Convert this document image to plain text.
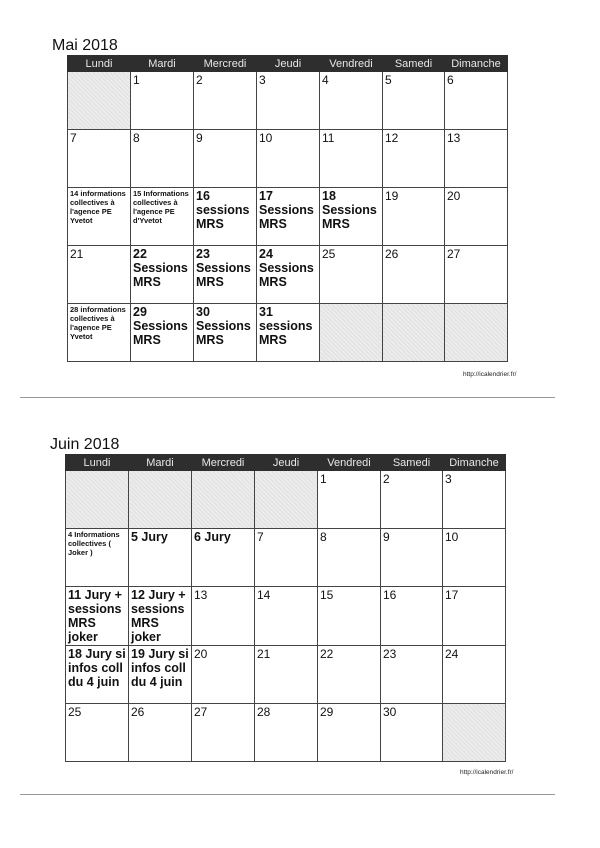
Mai 2018
Lundi	Mardi	Mercredi	Jeudi	Vendredi	Samedi	Dimanche

	1	2	3	4	5	6

7	8	9	10	11	12	13

14 informations
collectives à
l'agence PE
Yvetot	15 Informations
collectives à
l'agence PE
d'Yvetot	16
sessions
MRS	17
Sessions
MRS	18
Sessions
MRS	19	20

21	22
Sessions
MRS	23
Sessions
MRS	24
Sessions
MRS	25	26	27

28 informations
collectives à
l'agence PE
Yvetot	29
Sessions
MRS	30
Sessions
MRS	31
sessions
MRS			

http://icalendrier.fr/
Juin 2018
Lundi	Mardi	Mercredi	Jeudi	Vendredi	Samedi	Dimanche

				1	2	3

4 Informations
collectives (
Joker )	5 Jury	6 Jury	7	8	9	10

11 Jury +
sessions
MRS joker	12 Jury +
sessions
MRS joker	13	14	15	16	17

18 Jury si
infos coll
du 4 juin	19 Jury si
infos coll
du 4 juin	20	21	22	23	24

25	26	27	28	29	30	

http://icalendrier.fr/
